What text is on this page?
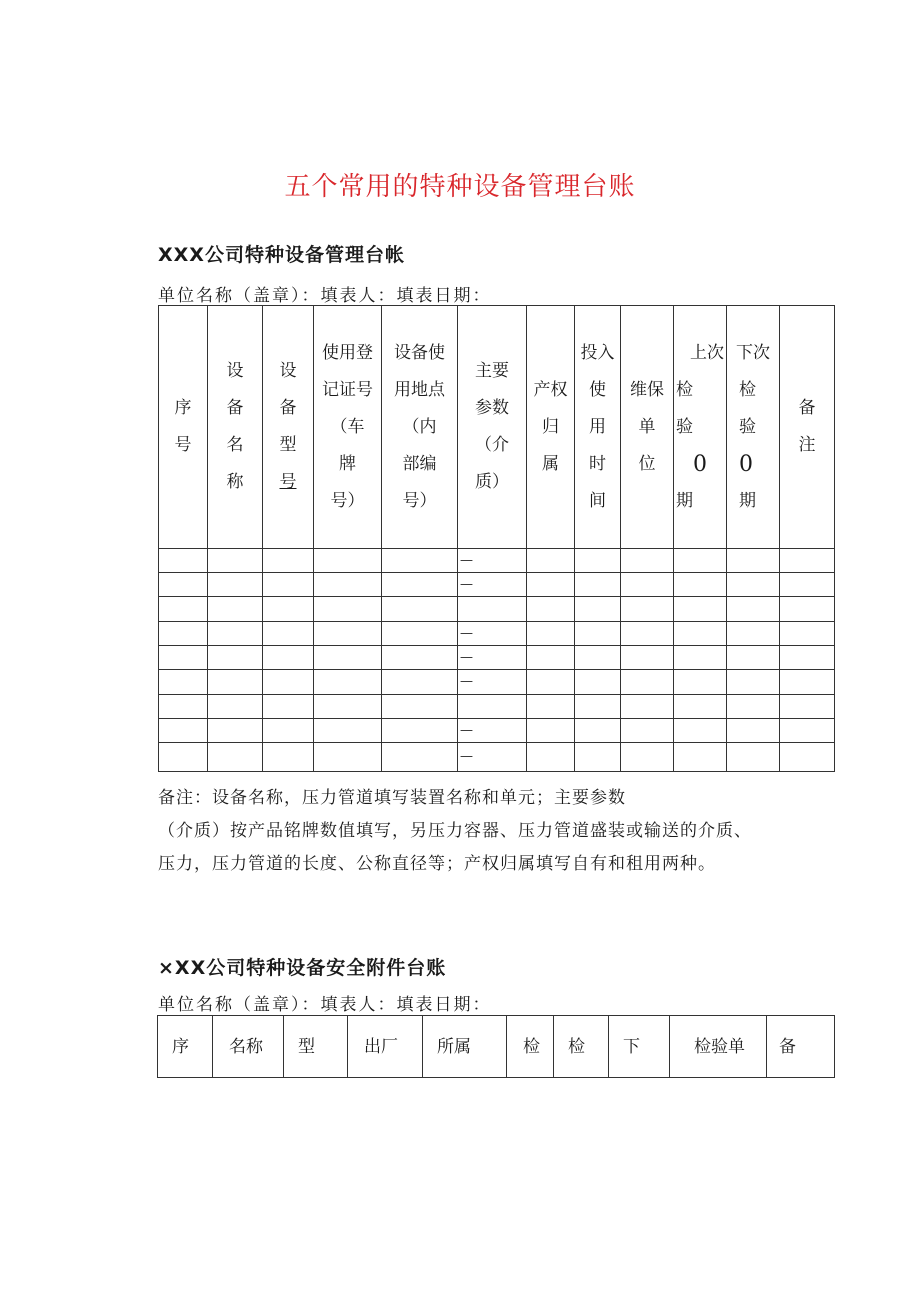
五个常用的特种设备管理台账
XXX公司特种设备管理台帐
单位名称（盖章）：填表人：填表日期：
序
号	设
备
名
称	设
备
型
号	使用登
记证号
（车
牌
号）	设备使
用地点
（内
部编
号）	主要
参数
（介
质）	产权
归
属	投入
使
用
时
间	维保
单
位	上次
检
验
0
期	下次
检
验
0
期	备
注

					—						
					—						

					—						
					—						
					—						

					—						
					—						
备注：设备名称，压力管道填写装置名称和单元；主要参数
（介质）按产品铭牌数值填写，另压力容器、压力管道盛装或输送的介质、
压力，压力管道的长度、公称直径等；产权归属填写自有和租用两种。
×XX公司特种设备安全附件台账
单位名称（盖章）：填表人：填表日期：
序	名称	型	出厂	所属	检	检	下	检验单	备
